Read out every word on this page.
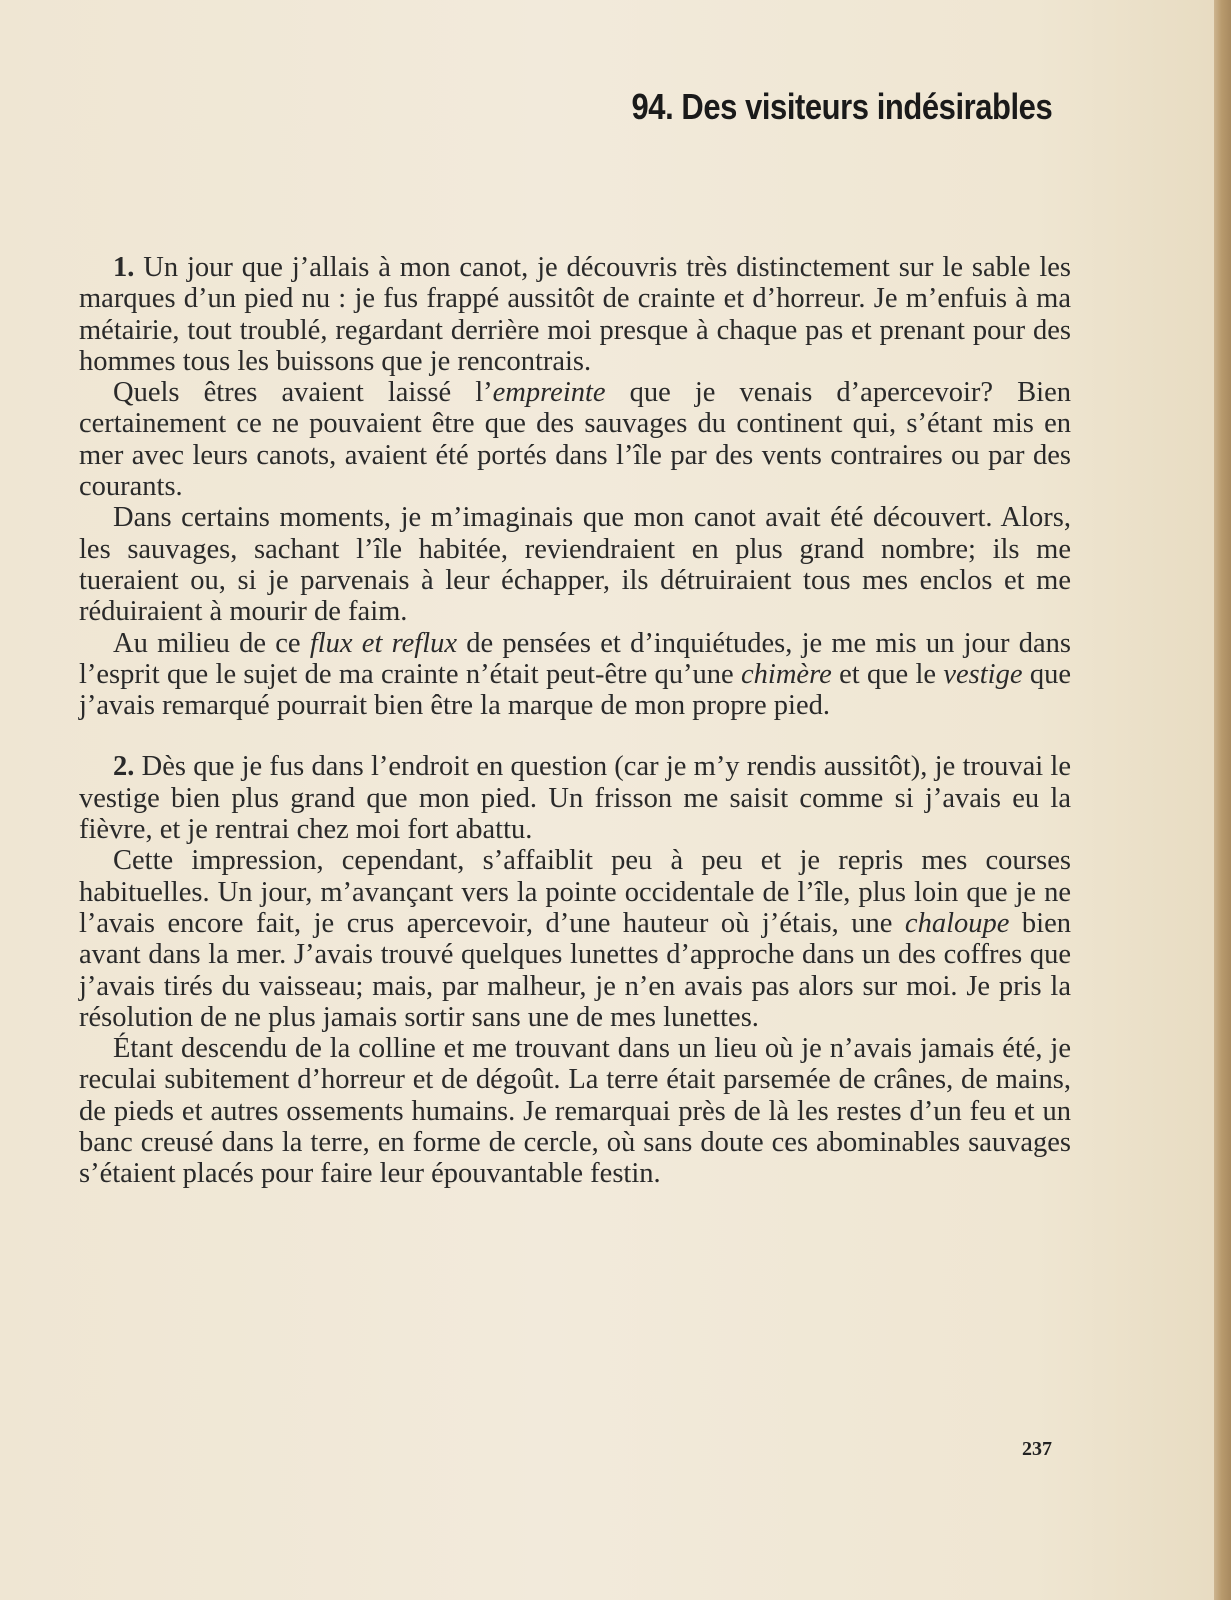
94. Des visiteurs indésirables

1. Un jour que j’allais à mon canot, je découvris très distinctement sur le sable les marques d’un pied nu : je fus frappé aussitôt de crainte et d’horreur. Je m’enfuis à ma métairie, tout troublé, regardant derrière moi presque à chaque pas et prenant pour des hommes tous les buissons que je rencontrais.

Quels êtres avaient laissé l’empreinte que je venais d’apercevoir? Bien certainement ce ne pouvaient être que des sauvages du continent qui, s’étant mis en mer avec leurs canots, avaient été portés dans l’île par des vents contraires ou par des courants.

Dans certains moments, je m’imaginais que mon canot avait été découvert. Alors, les sauvages, sachant l’île habitée, reviendraient en plus grand nombre; ils me tueraient ou, si je parvenais à leur échapper, ils détruiraient tous mes enclos et me réduiraient à mourir de faim.

Au milieu de ce flux et reflux de pensées et d’inquiétudes, je me mis un jour dans l’esprit que le sujet de ma crainte n’était peut-être qu’une chimère et que le vestige que j’avais remarqué pourrait bien être la marque de mon propre pied.

2. Dès que je fus dans l’endroit en question (car je m’y rendis aussitôt), je trouvai le vestige bien plus grand que mon pied. Un frisson me saisit comme si j’avais eu la fièvre, et je rentrai chez moi fort abattu.

Cette impression, cependant, s’affaiblit peu à peu et je repris mes courses habituelles. Un jour, m’avançant vers la pointe occidentale de l’île, plus loin que je ne l’avais encore fait, je crus apercevoir, d’une hauteur où j’étais, une chaloupe bien avant dans la mer. J’avais trouvé quelques lunettes d’approche dans un des coffres que j’avais tirés du vaisseau; mais, par malheur, je n’en avais pas alors sur moi. Je pris la résolution de ne plus jamais sortir sans une de mes lunettes.

Étant descendu de la colline et me trouvant dans un lieu où je n’avais jamais été, je reculai subitement d’horreur et de dégoût. La terre était parsemée de crânes, de mains, de pieds et autres ossements humains. Je remarquai près de là les restes d’un feu et un banc creusé dans la terre, en forme de cercle, où sans doute ces abominables sauvages s’étaient placés pour faire leur épouvantable festin.

237
